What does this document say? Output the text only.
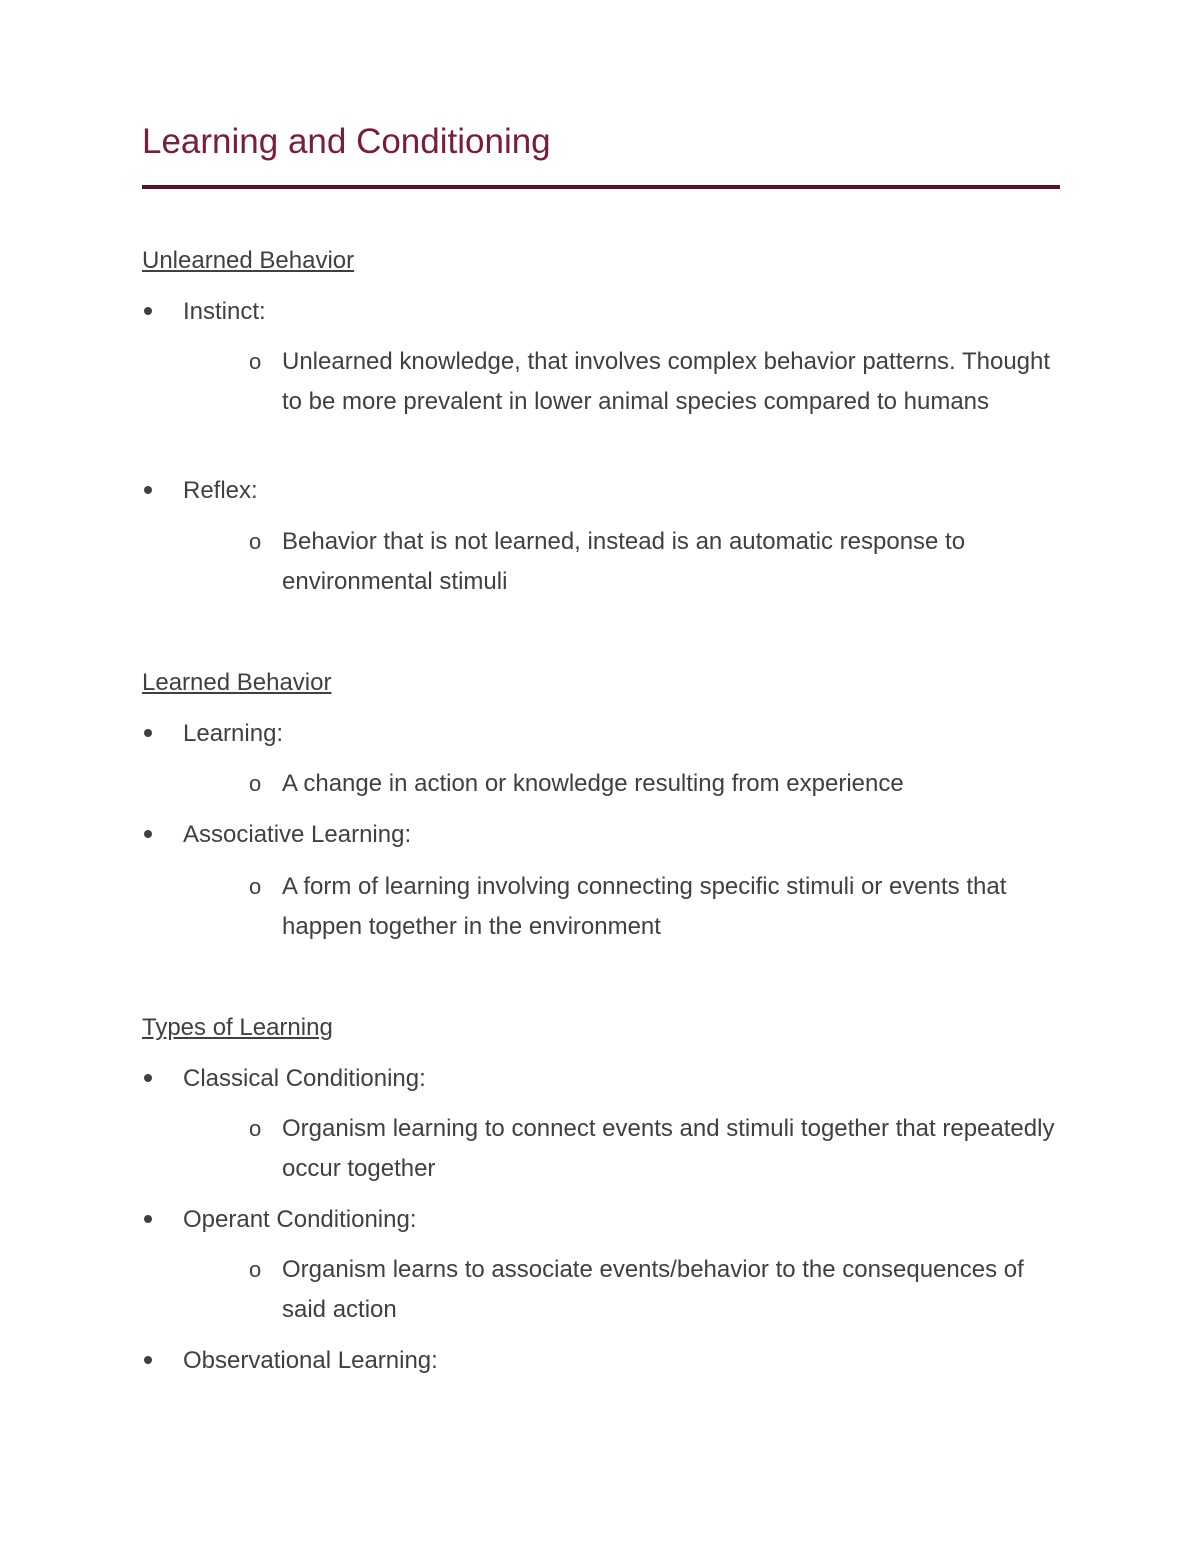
Learning and Conditioning
Unlearned Behavior
Instinct:
o Unlearned knowledge, that involves complex behavior patterns. Thought to be more prevalent in lower animal species compared to humans
Reflex:
o Behavior that is not learned, instead is an automatic response to environmental stimuli
Learned Behavior
Learning:
o A change in action or knowledge resulting from experience
Associative Learning:
o A form of learning involving connecting specific stimuli or events that happen together in the environment
Types of Learning
Classical Conditioning:
o Organism learning to connect events and stimuli together that repeatedly occur together
Operant Conditioning:
o Organism learns to associate events/behavior to the consequences of said action
Observational Learning:
